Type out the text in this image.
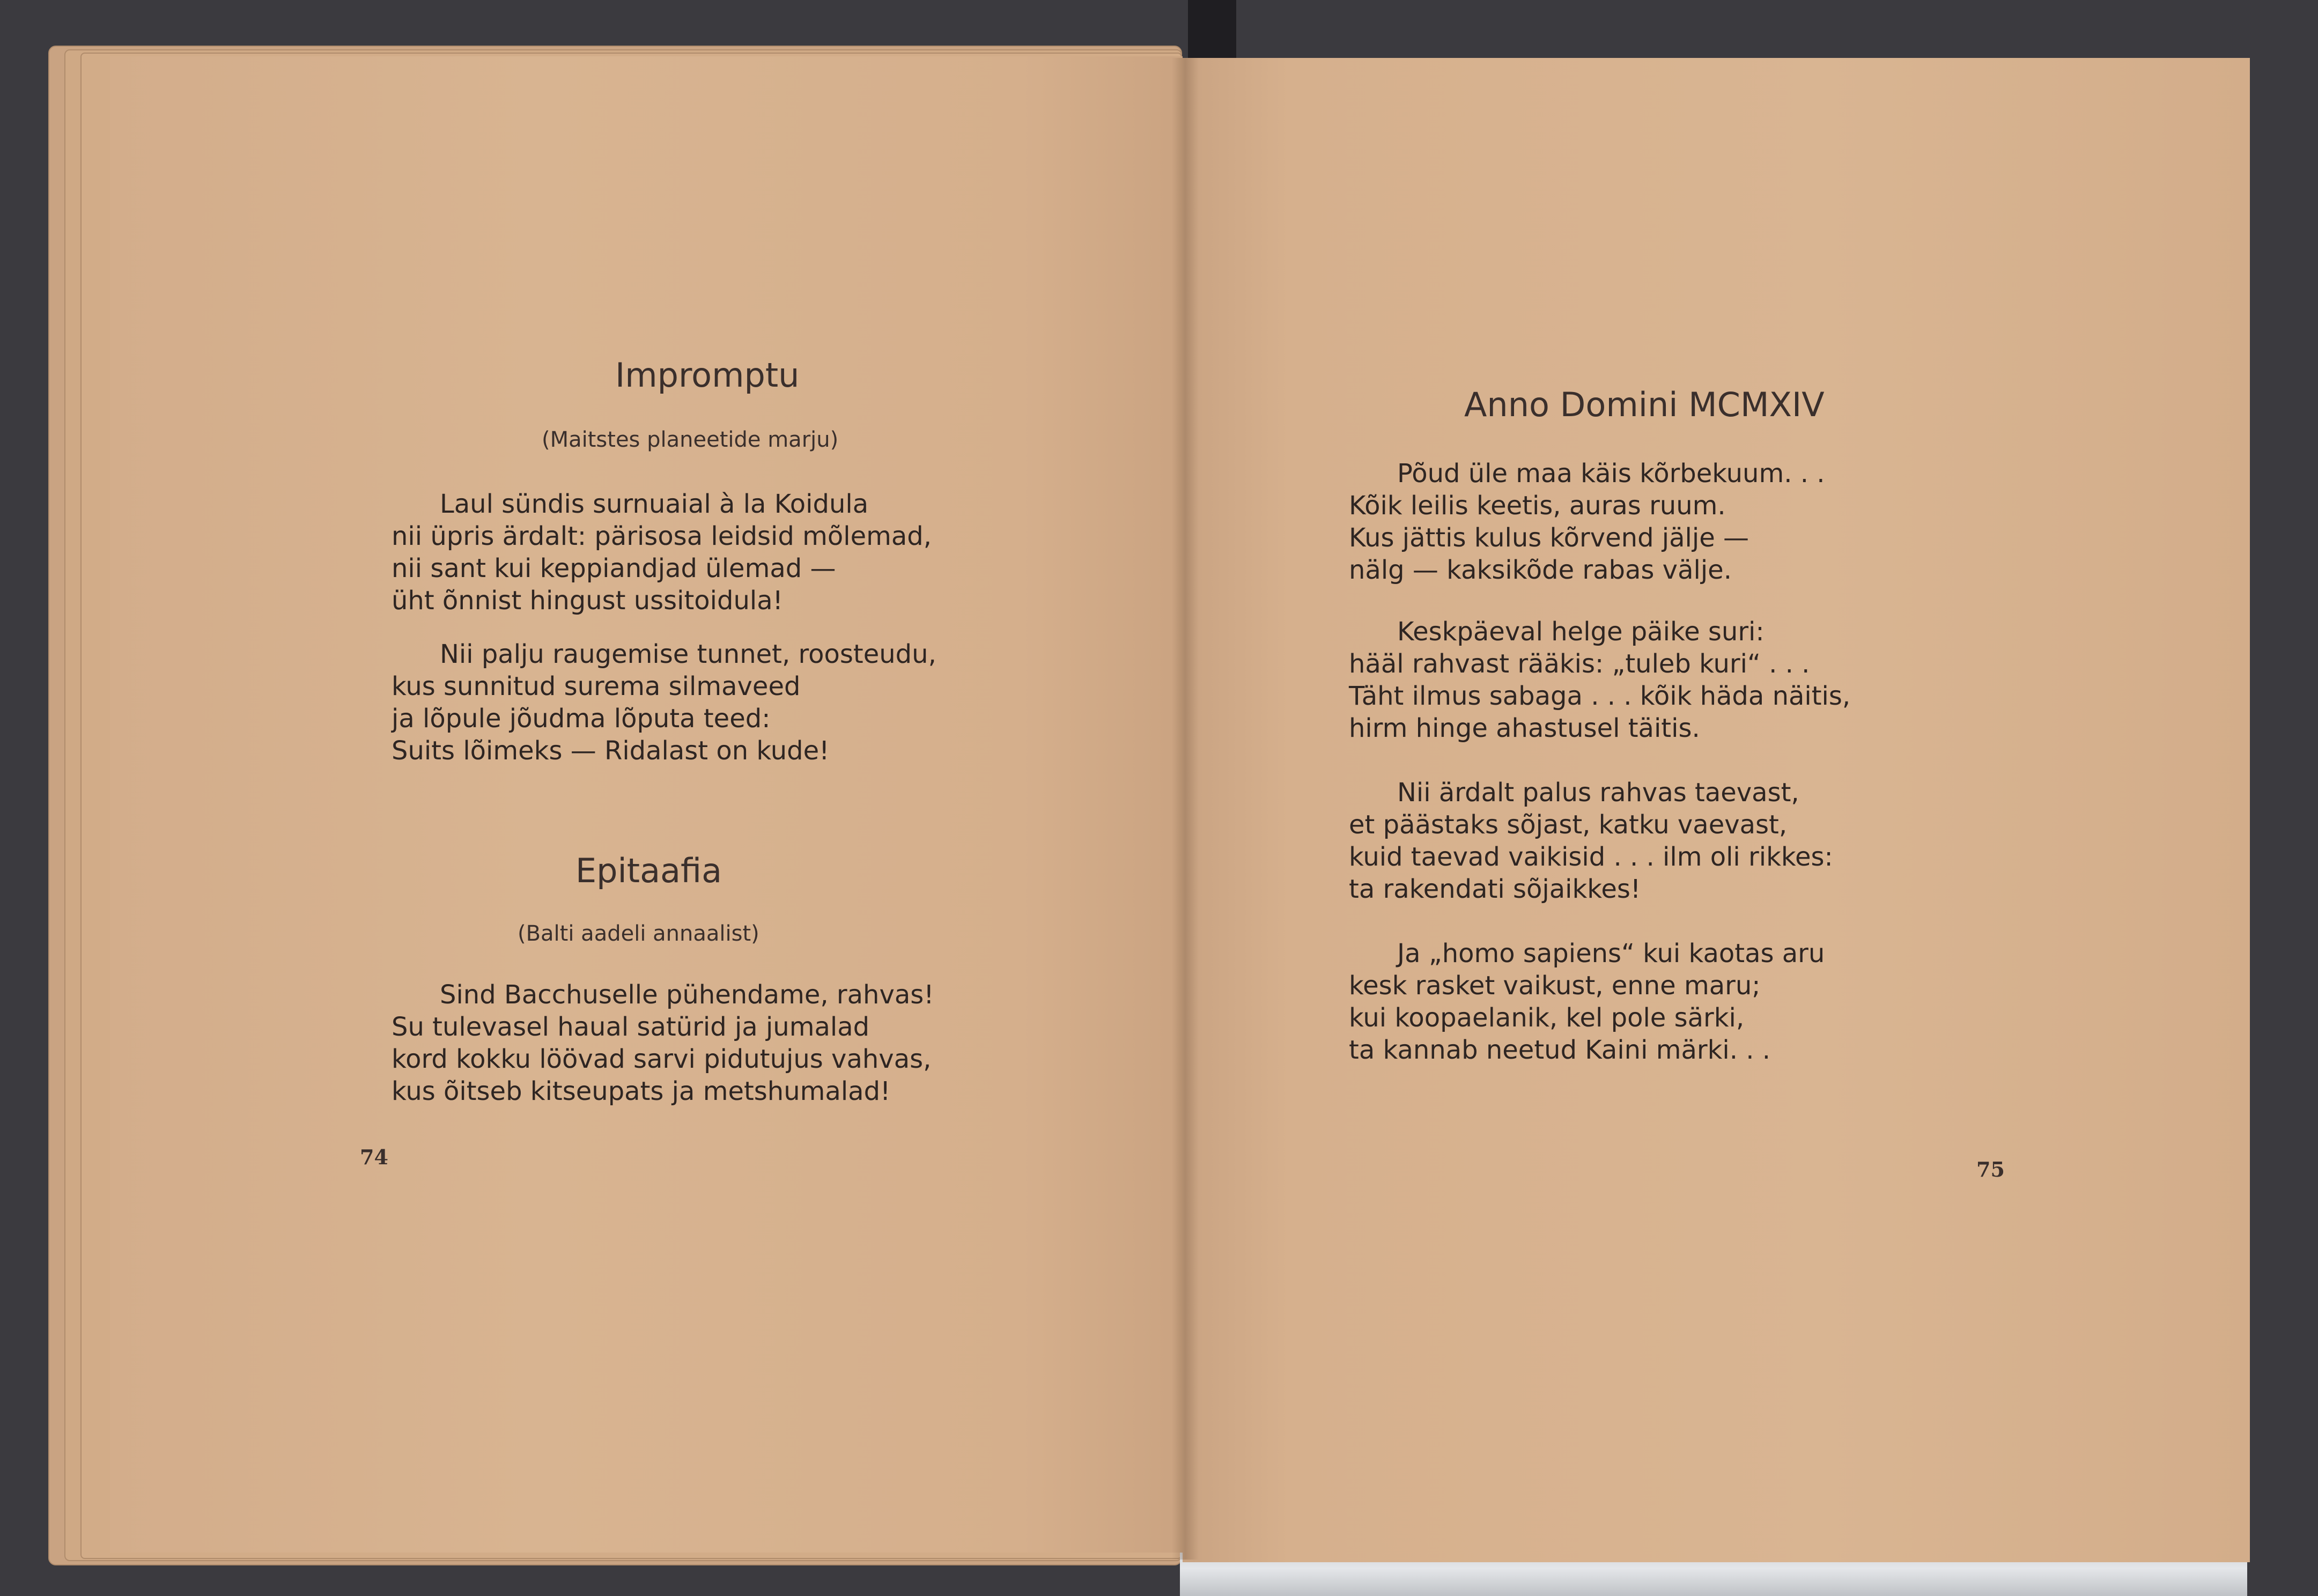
Impromptu
(Maitstes planeetide marju)
Laul sündis surnuaial à la Koidula
nii üpris ärdalt: pärisosa leidsid mõlemad,
nii sant kui keppiandjad ülemad —
üht õnnist hingust ussitoidula!
Nii palju raugemise tunnet, roosteudu,
kus sunnitud surema silmaveed
ja lõpule jõudma lõputa teed:
Suits lõimeks — Ridalast on kude!
Epitaafia
(Balti aadeli annaalist)
Sind Bacchuselle pühendame, rahvas!
Su tulevasel haual satürid ja jumalad
kord kokku löövad sarvi pidutujus vahvas,
kus õitseb kitseupats ja metshumalad!
74
Anno Domini MCMXIV
Põud üle maa käis kõrbekuum. . .
Kõik leilis keetis, auras ruum.
Kus jättis kulus kõrvend jälje —
nälg — kaksikõde rabas välje.
Keskpäeval helge päike suri:
hääl rahvast rääkis: „tuleb kuri“ . . .
Täht ilmus sabaga . . . kõik häda näitis,
hirm hinge ahastusel täitis.
Nii ärdalt palus rahvas taevast,
et päästaks sõjast, katku vaevast,
kuid taevad vaikisid . . . ilm oli rikkes:
ta rakendati sõjaikkes!
Ja „homo sapiens“ kui kaotas aru
kesk rasket vaikust, enne maru;
kui koopaelanik, kel pole särki,
ta kannab neetud Kaini märki. . .
75
